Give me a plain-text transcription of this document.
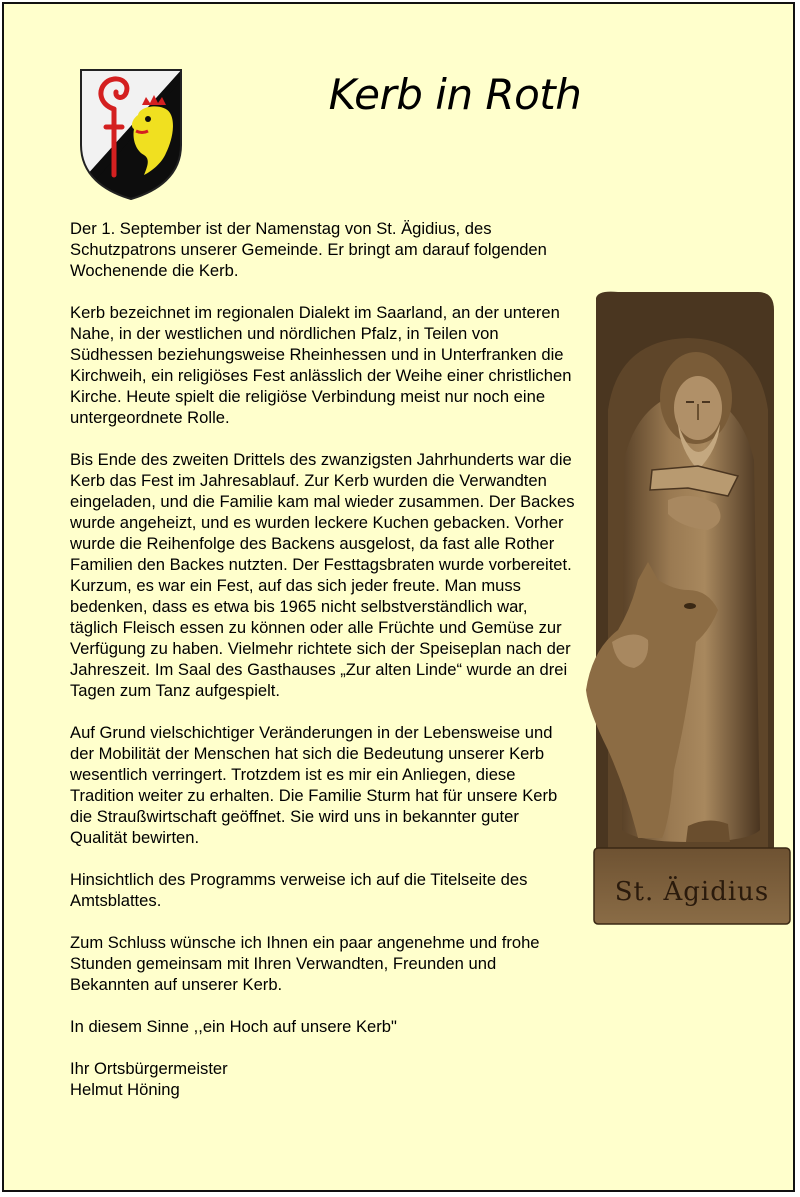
Kerb in Roth

Der 1. September ist der Namenstag von St. Ägidius, des Schutzpatrons unserer Gemeinde. Er bringt am darauf folgenden Wochenende die Kerb.

Kerb bezeichnet im regionalen Dialekt im Saarland, an der unteren Nahe, in der westlichen und nördlichen Pfalz, in Teilen von Südhessen beziehungsweise Rheinhessen und in Unterfranken die Kirchweih, ein religiöses Fest anlässlich der Weihe einer christlichen Kirche. Heute spielt die religiöse Verbindung meist nur noch eine untergeordnete Rolle.

Bis Ende des zweiten Drittels des zwanzigsten Jahrhunderts war die Kerb das Fest im Jahresablauf. Zur Kerb wurden die Verwandten eingeladen, und die Familie kam mal wieder zusammen. Der Backes wurde angeheizt, und es wurden leckere Kuchen gebacken. Vorher wurde die Reihenfolge des Backens ausgelost, da fast alle Rother Familien den Backes nutzten. Der Festtagsbraten wurde vorbereitet. Kurzum, es war ein Fest, auf das sich jeder freute. Man muss bedenken, dass es etwa bis 1965 nicht selbstverständlich war, täglich Fleisch essen zu können oder alle Früchte und Gemüse zur Verfügung zu haben. Vielmehr richtete sich der Speiseplan nach der Jahreszeit. Im Saal des Gasthauses „Zur alten Linde“ wurde an drei Tagen zum Tanz aufgespielt.

Auf Grund vielschichtiger Veränderungen in der Lebensweise und der Mobilität der Menschen hat sich die Bedeutung unserer Kerb wesentlich verringert. Trotzdem ist es mir ein Anliegen, diese Tradition weiter zu erhalten. Die Familie Sturm hat für unsere Kerb die Straußwirtschaft geöffnet. Sie wird uns in bekannter guter Qualität bewirten.

Hinsichtlich des Programms verweise ich auf die Titelseite des Amtsblattes.

Zum Schluss wünsche ich Ihnen ein paar angenehme und frohe Stunden gemeinsam mit Ihren Verwandten, Freunden und Bekannten auf unserer Kerb.

In diesem Sinne ,,ein Hoch auf unsere Kerb"

Ihr Ortsbürgermeister

Helmut Höning

St. Ägidius
